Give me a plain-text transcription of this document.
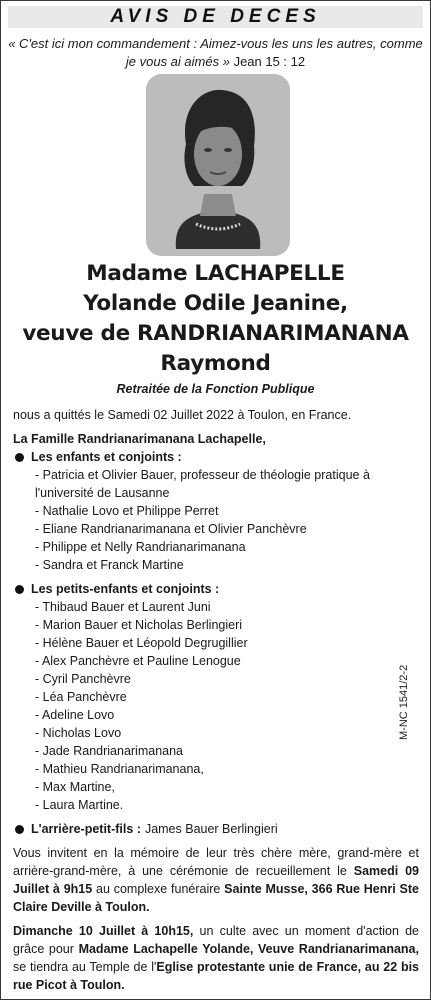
AVIS DE DECES
« C'est ici mon commandement : Aimez-vous les uns les autres, comme je vous ai aimés » Jean 15 : 12
Madame LACHAPELLE
Yolande Odile Jeanine,
veuve de RANDRIANARIMANANA
Raymond
Retraitée de la Fonction Publique

nous a quittés le Samedi 02 Juillet 2022 à Toulon, en France.

La Famille Randrianarimanana Lachapelle,

Les enfants et conjoints :
- Patricia et Olivier Bauer, professeur de théologie pratique à l'université de Lausanne
- Nathalie Lovo et Philippe Perret
- Eliane Randrianarimanana et Olivier Panchèvre
- Philippe et Nelly Randrianarimanana
- Sandra et Franck Martine
Les petits-enfants et conjoints :
- Thibaud Bauer et Laurent Juni
- Marion Bauer et Nicholas Berlingieri
- Hélène Bauer et Léopold Degrugillier
- Alex Panchèvre et Pauline Lenogue
- Cyril Panchèvre
- Léa Panchèvre
- Adeline Lovo
- Nicholas Lovo
- Jade Randrianarimanana
- Mathieu Randrianarimanana,
- Max Martine,
- Laura Martine.
L'arrière-petit-fils : James Bauer Berlingieri

Vous invitent en la mémoire de leur très chère mère, grand-mère et arrière-grand-mère, à une cérémonie de recueillement le Samedi 09 Juillet à 9h15 au complexe funéraire Sainte Musse, 366 Rue Henri Ste Claire Deville à Toulon.

Dimanche 10 Juillet à 10h15, un culte avec un moment d'action de grâce pour Madame Lachapelle Yolande, Veuve Randrianarimanana, se tiendra au Temple de l'Eglise protestante unie de France, au 22 bis rue Picot à Toulon.

M-NC 1541/2-2
